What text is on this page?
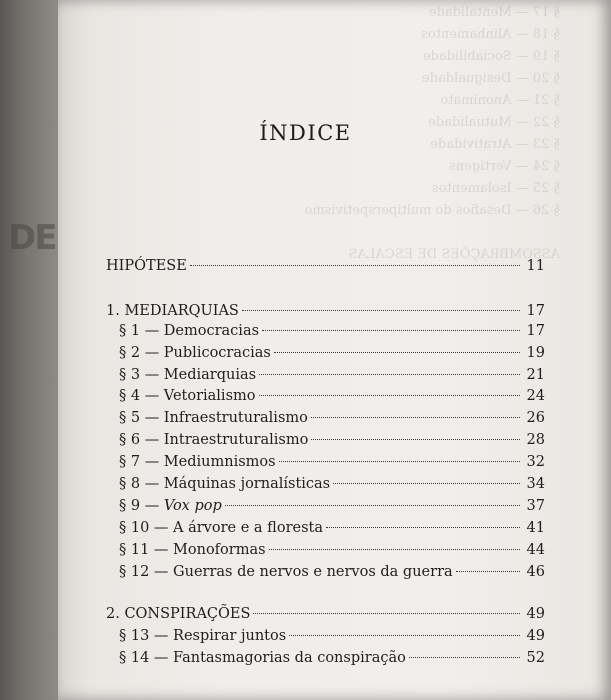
DE
ÍNDICE
HIPÓTESE	11
1. MEDIARQUIAS	17
§ 1 — Democracias	17
§ 2 — Publicocracias	19
§ 3 — Mediarquias	21
§ 4 — Vetorialismo	24
§ 5 — Infraestruturalismo	26
§ 6 — Intraestruturalismo	28
§ 7 — Mediumnismos	32
§ 8 — Máquinas jornalísticas	34
§ 9 — Vox pop	37
§ 10 — A árvore e a floresta	41
§ 11 — Monoformas	44
§ 12 — Guerras de nervos e nervos da guerra	46
2. CONSPIRAÇÕES	49
§ 13 — Respirar juntos	49
§ 14 — Fantasmagorias da conspiração	52
